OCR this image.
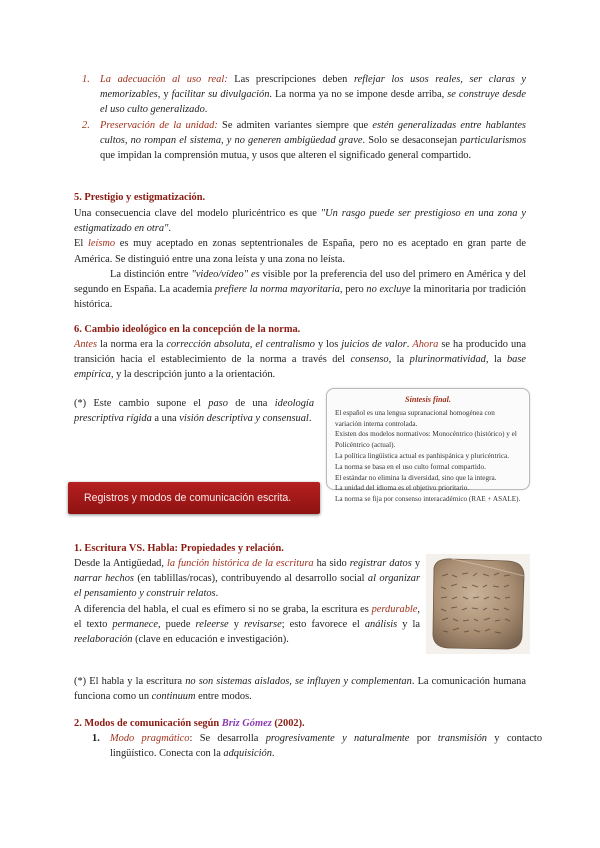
1. La adecuación al uso real: Las prescripciones deben reflejar los usos reales, ser claras y memorizables, y facilitar su divulgación. La norma ya no se impone desde arriba, se construye desde el uso culto generalizado.
2. Preservación de la unidad: Se admiten variantes siempre que estén generalizadas entre hablantes cultos, no rompan el sistema, y no generen ambigüedad grave. Solo se desaconsejan particularismos que impidan la comprensión mutua, y usos que alteren el significado general compartido.
5. Prestigio y estigmatización.
Una consecuencia clave del modelo pluricéntrico es que "Un rasgo puede ser prestigioso en una zona y estigmatizado en otra".
El leísmo es muy aceptado en zonas septentrionales de España, pero no es aceptado en gran parte de América. Se distinguió entre una zona leísta y una zona no leísta.
La distinción entre "video/vídeo" es visible por la preferencia del uso del primero en América y del segundo en España. La academia prefiere la norma mayoritaria, pero no excluye la minoritaria por tradición histórica.
6. Cambio ideológico en la concepción de la norma.
Antes la norma era la corrección absoluta, el centralismo y los juicios de valor. Ahora se ha producido una transición hacia el establecimiento de la norma a través del consenso, la plurinormatividad, la base empírica, y la descripción junto a la orientación.
(*) Este cambio supone el paso de una ideología prescriptiva rígida a una visión descriptiva y consensual.
Síntesis final.
El español es una lengua supranacional homogénea con variación interna controlada.
Existen dos modelos normativos: Monocéntrico (histórico) y el Policéntrico (actual).
La política lingüística actual es panhispánica y pluricéntrica.
La norma se basa en el uso culto formal compartido.
El estándar no elimina la diversidad, sino que la integra.
La unidad del idioma es el objetivo prioritario.
La norma se fija por consenso interacadémico (RAE + ASALE).
Registros y modos de comunicación escrita.
1. Escritura VS. Habla: Propiedades y relación.
Desde la Antigüedad, la función histórica de la escritura ha sido registrar datos y narrar hechos (en tablillas/rocas), contribuyendo al desarrollo social al organizar el pensamiento y construir relatos.
A diferencia del habla, el cual es efímero si no se graba, la escritura es perdurable, el texto permanece, puede releerse y revisarse; esto favorece el análisis y la reelaboración (clave en educación e investigación).
(*) El habla y la escritura no son sistemas aislados, se influyen y complementan. La comunicación humana funciona como un continuum entre modos.
2. Modos de comunicación según Briz Gómez (2002).
1. Modo pragmático: Se desarrolla progresivamente y naturalmente por transmisión y contacto lingüístico. Conecta con la adquisición.
